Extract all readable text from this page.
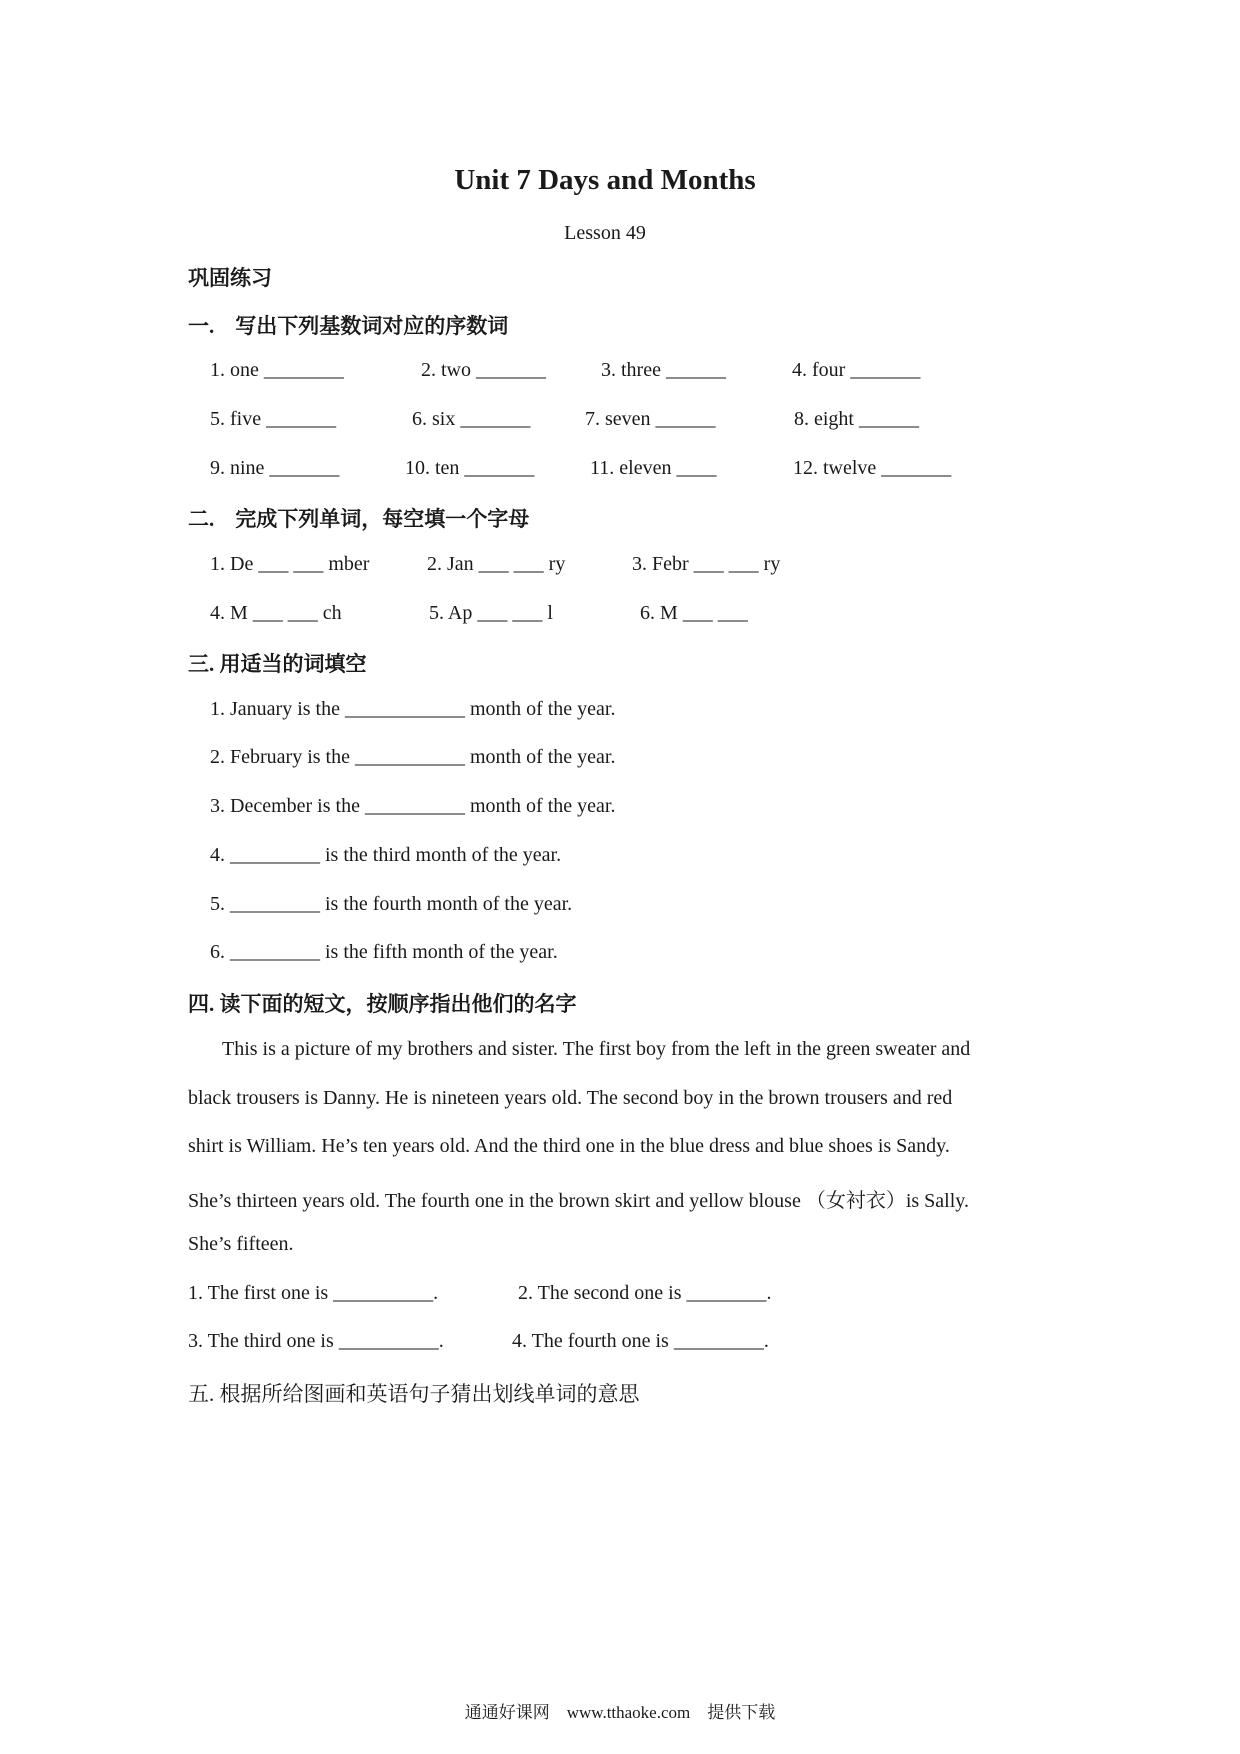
Unit 7 Days and Months
Lesson 49
巩固练习
一.　写出下列基数词对应的序数词
1. one ________	2. two _______	3. three ______	4. four _______
5. five _______	6. six _______	7. seven ______	8. eight ______
9. nine _______	10. ten _______	11. eleven ____	12. twelve _______
二.　完成下列单词，每空填一个字母
1. De ___ ___ mber	2. Jan ___ ___ ry	3. Febr ___ ___ ry
4. M ___ ___ ch	5. Ap ___ ___ l	6. M ___ ___
三. 用适当的词填空
1. January is the ____________ month of the year.
2. February is the ___________ month of the year.
3. December is the __________ month of the year.
4. _________ is the third month of the year.
5. _________ is the fourth month of the year.
6. _________ is the fifth month of the year.
四. 读下面的短文，按顺序指出他们的名字
This is a picture of my brothers and sister. The first boy from the left in the green sweater and
black trousers is Danny. He is nineteen years old. The second boy in the brown trousers and red
shirt is William. He’s ten years old. And the third one in the blue dress and blue shoes is Sandy.
She’s thirteen years old. The fourth one in the brown skirt and yellow blouse （女衬衣）is Sally.
She’s fifteen.
1. The first one is __________.	2. The second one is ________.
3. The third one is __________.	4. The fourth one is _________.
五. 根据所给图画和英语句子猜出划线单词的意思
通通好课网　www.tthaoke.com　提供下载
